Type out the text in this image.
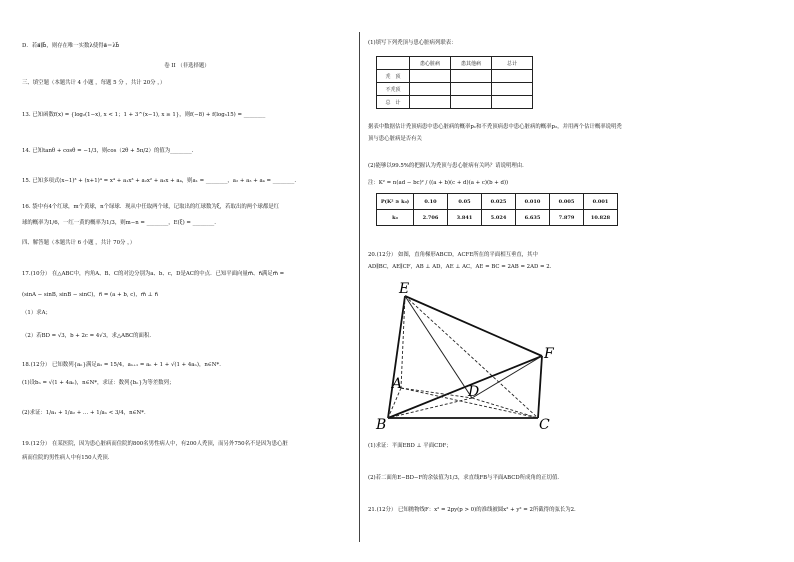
D．若a⃗∥b⃗，则存在唯一实数λ使得a⃗＝λb⃗
卷 II （非选择题）
三、填空题（本题共计 4 小题 ，每题 5 分 ，共计 20分 ，）
13. 已知函数f(x) = {log₂(1−x), x < 1；1 + 3^(x−1), x ≥ 1}，则f(−8) + f(log₃15) = ________
14. 已知tanθ + cosθ = −1/3，则cos（2θ + 5π/2）的值为________.
15. 已知多项式(x−1)³ + (x+1)⁴ = x⁴ + a₁x³ + a₂x² + a₃x + a₄，则a₁ = ________，a₂ + a₃ + a₄ = ________.
16. 袋中有4个红球，m个黄球，n个绿球．现从中任取两个球，记取出的红球数为ξ，若取出的两个球都是红
球的概率为1/6，一红一黄的概率为1/3，则m−n = ________，E(ξ) = ________.
四、解答题（本题共计 6 小题 ，共计 70分 ，）
17.(10分） 在△ABC中，内角A、B、C的对边分别为a、b、c，D是AC的中点．已知平面向量m⃗、n⃗满足m⃗ =
(sinA − sinB, sinB − sinC)，n⃗ = (a + b, c)，m⃗ ⊥ n⃗
（1）求A；
（2）若BD = √3，b + 2c = 4√3，求△ABC的面积．
18.(12分） 已知数列{aₙ}满足a₁ = 15/4，aₙ₊₁ = aₙ + 1 + √(1 + 4aₙ)，n∈N*．
(1)设bₙ = √(1 + 4aₙ)，n∈N*，求证：数列{bₙ}为等差数列；
(2)求证：1/a₁ + 1/a₂ + … + 1/aₙ < 3/4，n∈N*．
19.(12分） 在某医院，因为患心脏病而住院的800名男性病人中，有200人秃顶，而另外750名不是因为患心脏
病而住院的男性病人中有150人秃顶．
(1)填写下列秃顶与患心脏病列联表：
	患心脏病	患其他病	总计
秃　顶			
不秃顶			
总　计			
据表中数据估计秃顶病患中患心脏病的概率p₁和不秃顶病患中患心脏病的概率p₂，并用两个估计概率说明秃
顶与患心脏病是否有关
(2)能够以99.5%的把握认为秃顶与患心脏病有关吗？请说明理由．
注：K² = n(ad − bc)² / ((a + b)(c + d)(a + c)(b + d))
P(K² ≥ k₀)	0.10	0.05	0.025	0.010	0.005	0.001
k₀	2.706	3.841	5.024	6.635	7.879	10.828
20.(12分） 如图，直角梯形ABCD，ACFE所在的平面相互垂直，其中
AD∥BC，AE∥CF，AB ⊥ AD，AE ⊥ AC，AE = BC = 2AB = 2AD = 2．
E
F
A	D
B	C
(1)求证：平面EBD ⊥ 平面CDF；
(2)若二面角E−BD−F的余弦值为1/3，求直线FB与平面ABCD所成角的正切值．
21.(12分） 已知抛物线F：x² = 2py(p > 0)的准线被圆x² + y² = 2所截得的弦长为2.
